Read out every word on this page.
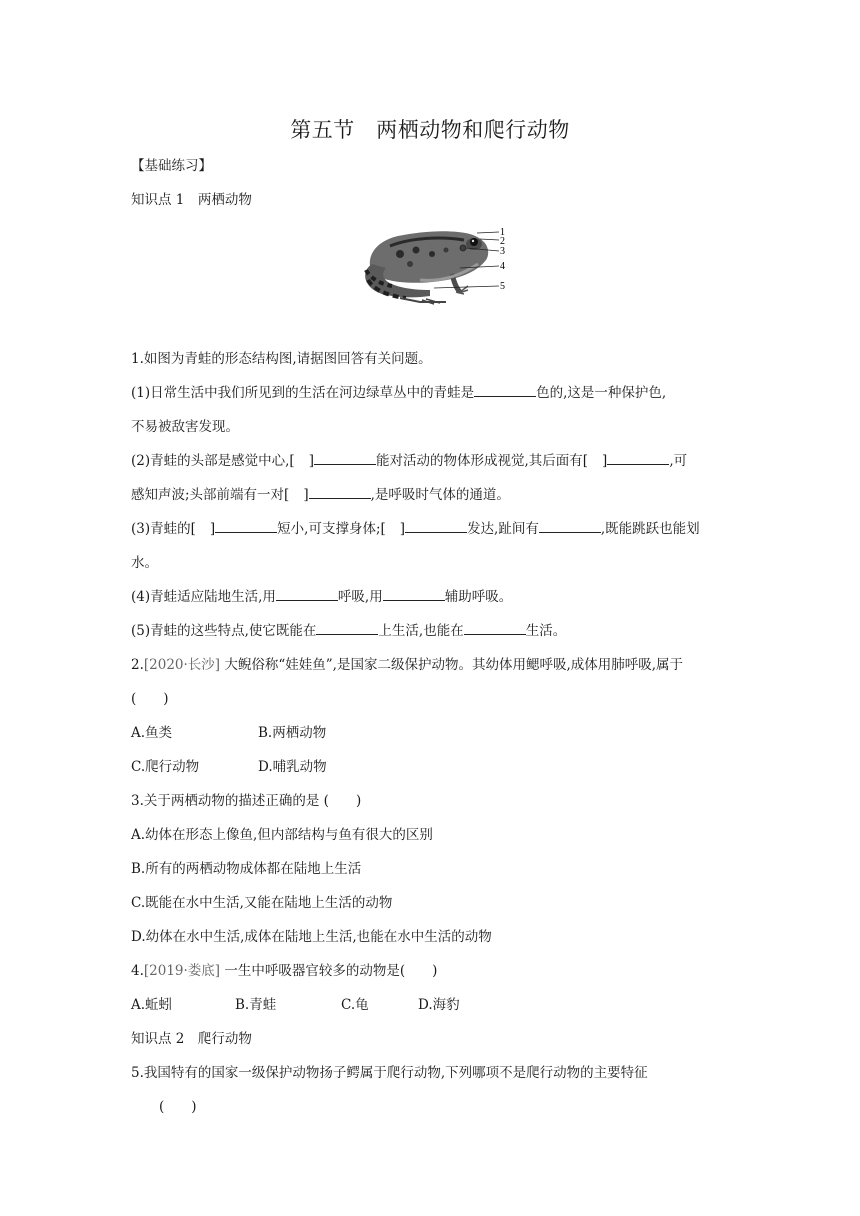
第五节　两栖动物和爬行动物
【基础练习】
知识点 1　两栖动物
1
2
3
4
5
1.如图为青蛙的形态结构图,请据图回答有关问题。
(1)日常生活中我们所见到的生活在河边绿草丛中的青蛙是	色的,这是一种保护色,
不易被敌害发现。
(2)青蛙的头部是感觉中心,[ ]	能对活动的物体形成视觉,其后面有[ ]	,可
感知声波;头部前端有一对[ ]	,是呼吸时气体的通道。
(3)青蛙的[ ]	短小,可支撑身体;[ ]	发达,趾间有	,既能跳跃也能划
水。
(4)青蛙适应陆地生活,用	呼吸,用	辅助呼吸。
(5)青蛙的这些特点,使它既能在	上生活,也能在	生活。
2.[2020·长沙] 大鲵俗称“娃娃鱼”,是国家二级保护动物。其幼体用鳃呼吸,成体用肺呼吸,属于
(　　)
A.鱼类	B.两栖动物
C.爬行动物	D.哺乳动物
3.关于两栖动物的描述正确的是 (　　)
A.幼体在形态上像鱼,但内部结构与鱼有很大的区别
B.所有的两栖动物成体都在陆地上生活
C.既能在水中生活,又能在陆地上生活的动物
D.幼体在水中生活,成体在陆地上生活,也能在水中生活的动物
4.[2019·娄底] 一生中呼吸器官较多的动物是(　　)
A.蚯蚓	B.青蛙	C.龟	D.海豹
知识点 2　爬行动物
5.我国特有的国家一级保护动物扬子鳄属于爬行动物,下列哪项不是爬行动物的主要特征
(　　)
